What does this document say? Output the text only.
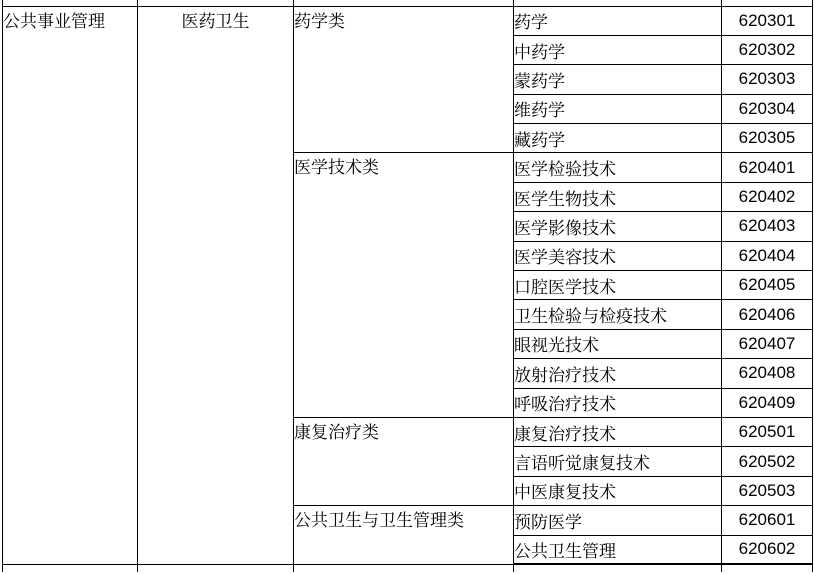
公共事业管理	医药卫生	药学类	药学	620301
			中药学	620302
			蒙药学	620303
			维药学	620304
			藏药学	620305
		医学技术类	医学检验技术	620401
			医学生物技术	620402
			医学影像技术	620403
			医学美容技术	620404
			口腔医学技术	620405
			卫生检验与检疫技术	620406
			眼视光技术	620407
			放射治疗技术	620408
			呼吸治疗技术	620409
		康复治疗类	康复治疗技术	620501
			言语听觉康复技术	620502
			中医康复技术	620503
		公共卫生与卫生管理类	预防医学	620601
			公共卫生管理	620602
